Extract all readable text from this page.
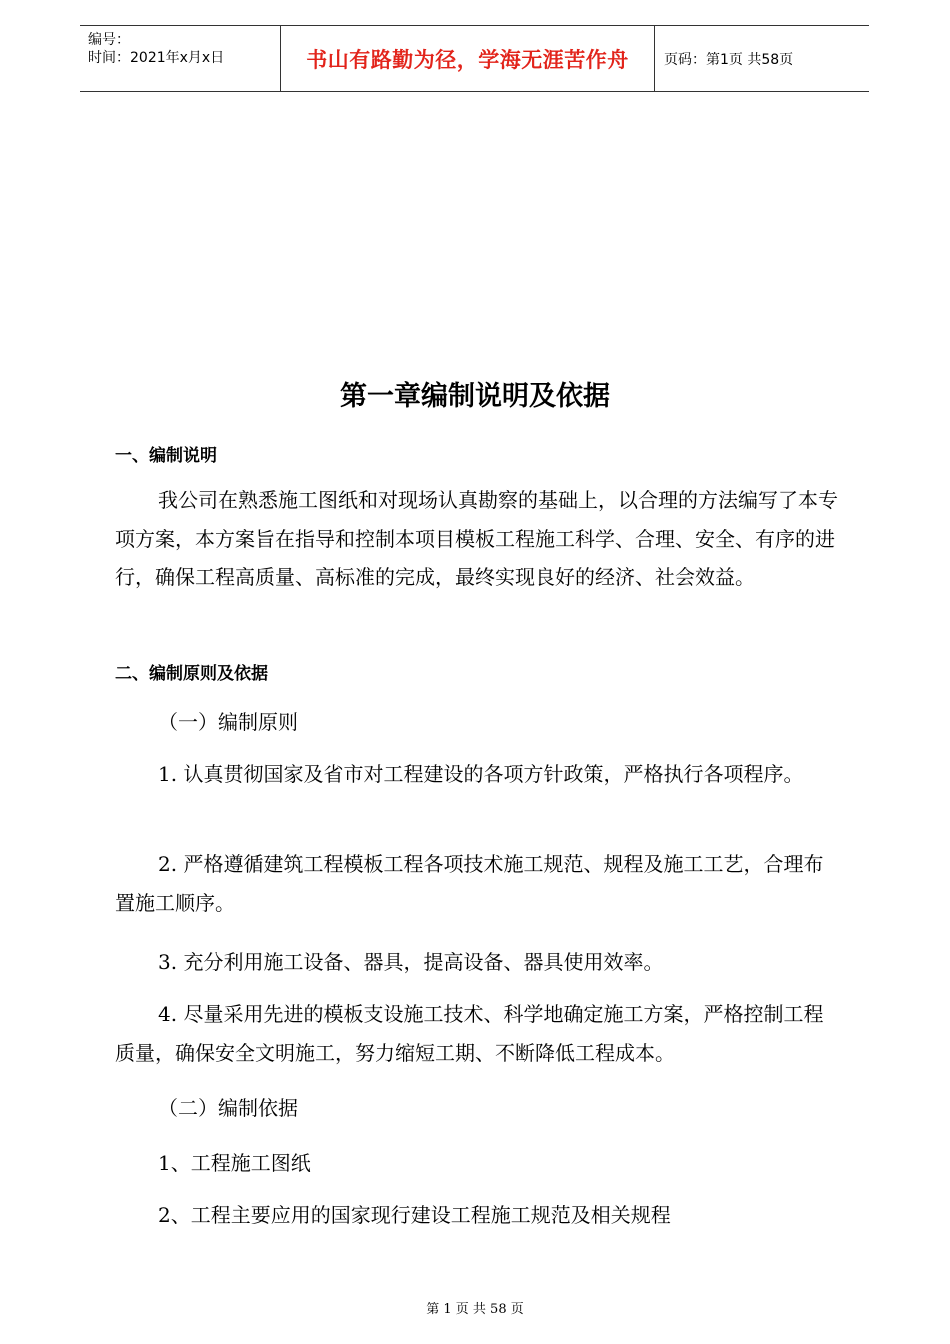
编号：
时间：2021年x月x日	书山有路勤为径，学海无涯苦作舟	页码：第1页 共58页
第一章编制说明及依据
一、编制说明

我公司在熟悉施工图纸和对现场认真勘察的基础上，以合理的方法编写了本专项方案，本方案旨在指导和控制本项目模板工程施工科学、合理、安全、有序的进行，确保工程高质量、高标准的完成，最终实现良好的经济、社会效益。

二、编制原则及依据
（一）编制原则

1. 认真贯彻国家及省市对工程建设的各项方针政策，严格执行各项程序。

2. 严格遵循建筑工程模板工程各项技术施工规范、规程及施工工艺，合理布置施工顺序。

3. 充分利用施工设备、器具，提高设备、器具使用效率。

4. 尽量采用先进的模板支设施工技术、科学地确定施工方案，严格控制工程质量，确保安全文明施工，努力缩短工期、不断降低工程成本。

（二）编制依据
1、工程施工图纸
2、工程主要应用的国家现行建设工程施工规范及相关规程
第 1 页 共 58 页
